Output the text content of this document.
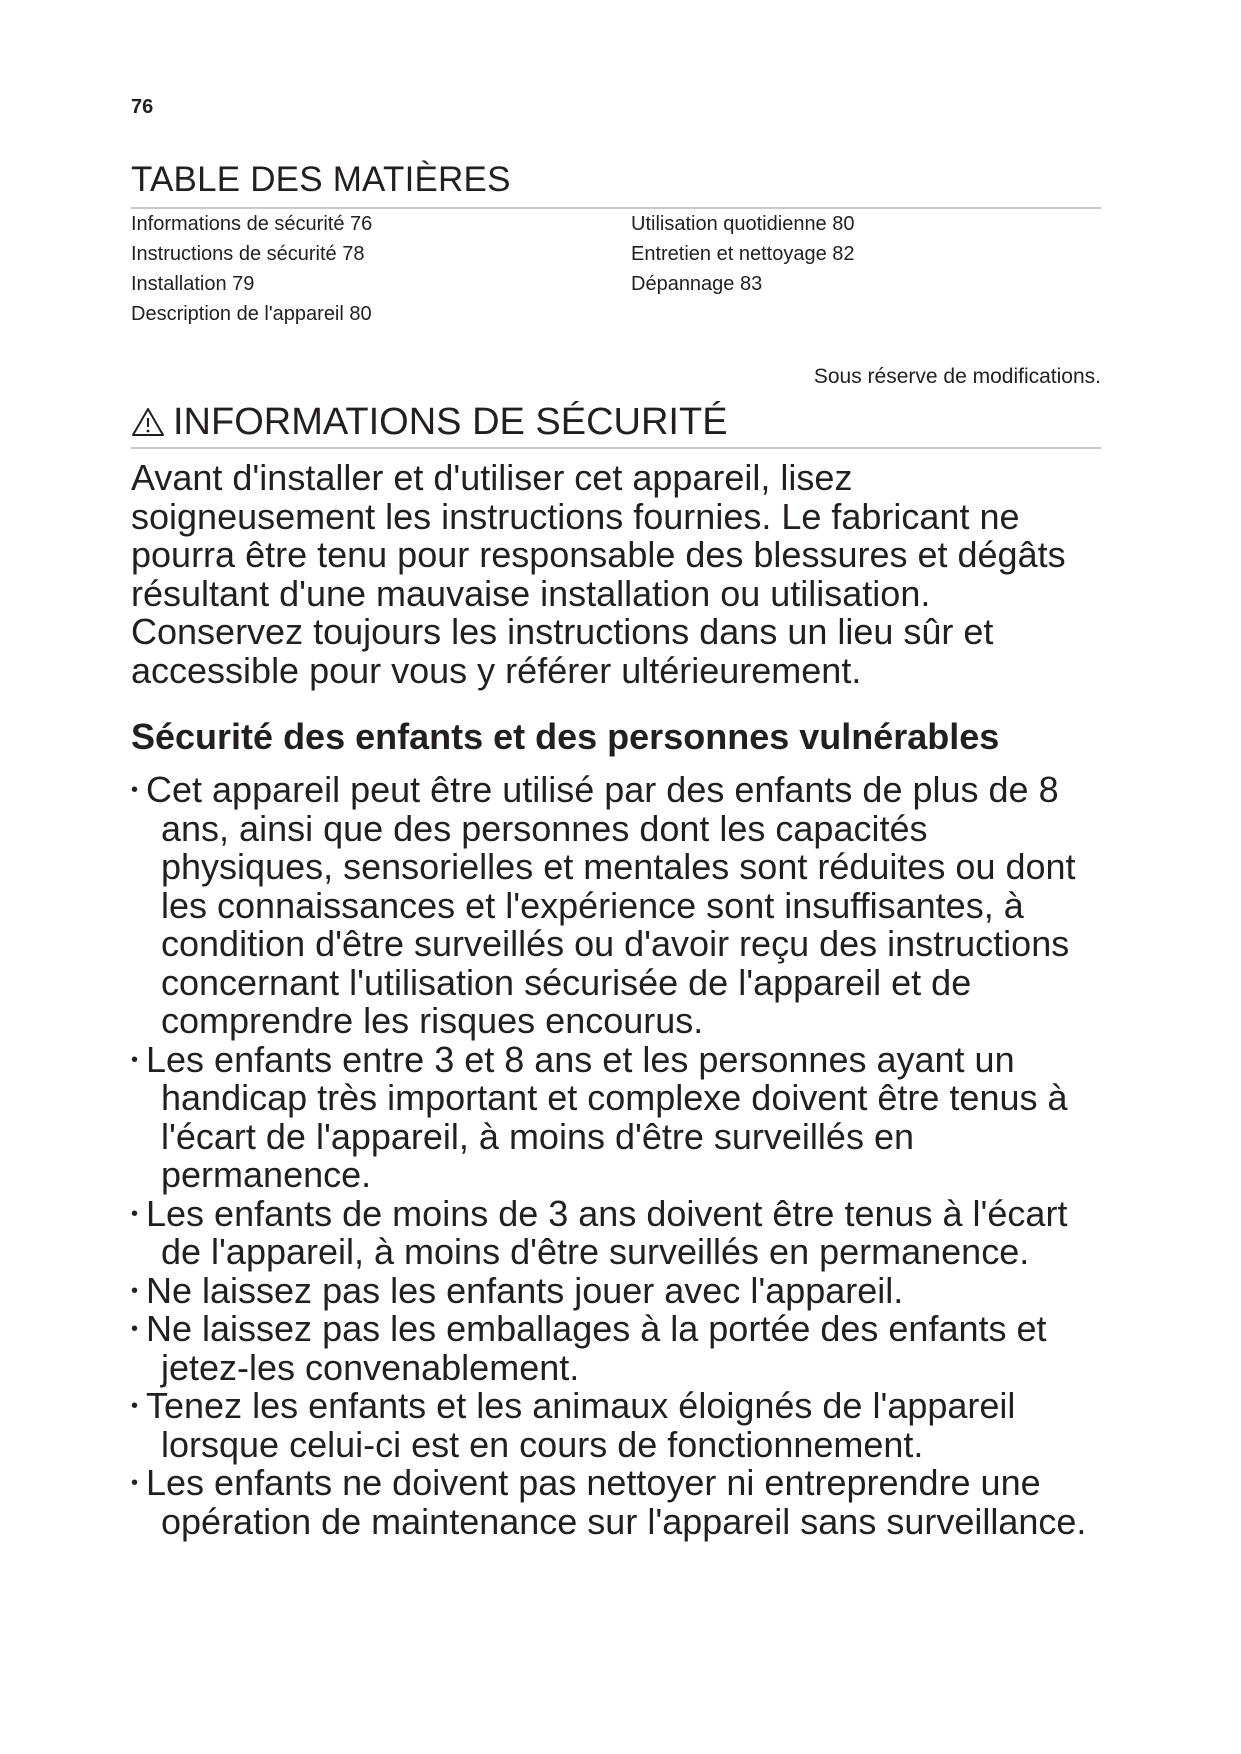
76
TABLE DES MATIÈRES
Informations de sécurité 76
Instructions de sécurité 78
Installation 79
Description de l'appareil 80
Utilisation quotidienne 80
Entretien et nettoyage 82
Dépannage 83
Sous réserve de modifications.
INFORMATIONS DE SÉCURITÉ
Avant d'installer et d'utiliser cet appareil, lisez soigneusement les instructions fournies. Le fabricant ne pourra être tenu pour responsable des blessures et dégâts résultant d'une mauvaise installation ou utilisation. Conservez toujours les instructions dans un lieu sûr et accessible pour vous y référer ultérieurement.
Sécurité des enfants et des personnes vulnérables
• Cet appareil peut être utilisé par des enfants de plus de 8 ans, ainsi que des personnes dont les capacités physiques, sensorielles et mentales sont réduites ou dont les connaissances et l'expérience sont insuffisantes, à condition d'être surveillés ou d'avoir reçu des instructions concernant l'utilisation sécurisée de l'appareil et de comprendre les risques encourus.
• Les enfants entre 3 et 8 ans et les personnes ayant un handicap très important et complexe doivent être tenus à l'écart de l'appareil, à moins d'être surveillés en permanence.
• Les enfants de moins de 3 ans doivent être tenus à l'écart de l'appareil, à moins d'être surveillés en permanence.
• Ne laissez pas les enfants jouer avec l'appareil.
• Ne laissez pas les emballages à la portée des enfants et jetez-les convenablement.
• Tenez les enfants et les animaux éloignés de l'appareil lorsque celui-ci est en cours de fonctionnement.
• Les enfants ne doivent pas nettoyer ni entreprendre une opération de maintenance sur l'appareil sans surveillance.
